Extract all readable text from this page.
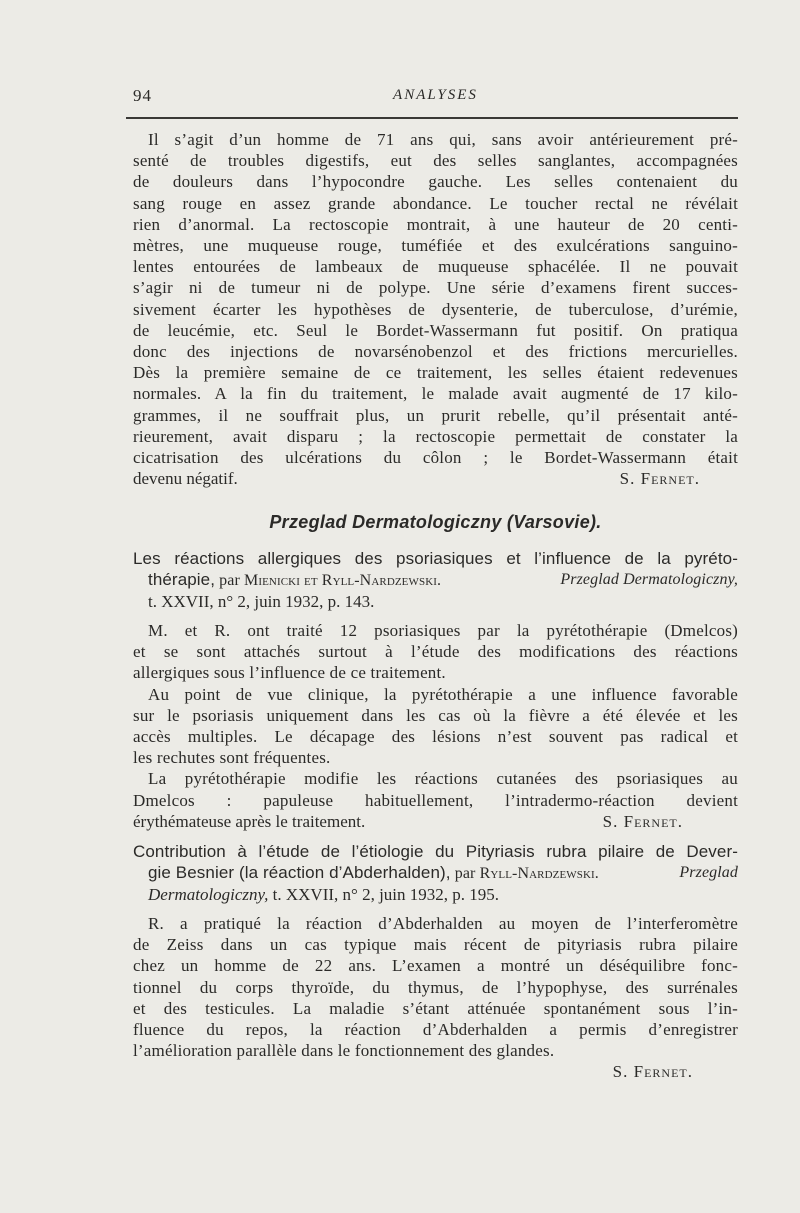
94	ANALYSES
Il s’agit d’un homme de 71 ans qui, sans avoir antérieurement pré-
senté de troubles digestifs, eut des selles sanglantes, accompagnées
de douleurs dans l’hypocondre gauche. Les selles contenaient du
sang rouge en assez grande abondance. Le toucher rectal ne révélait
rien d’anormal. La rectoscopie montrait, à une hauteur de 20 centi-
mètres, une muqueuse rouge, tuméfiée et des exulcérations sanguino-
lentes entourées de lambeaux de muqueuse sphacélée. Il ne pouvait
s’agir ni de tumeur ni de polype. Une série d’examens firent succes-
sivement écarter les hypothèses de dysenterie, de tuberculose, d’urémie,
de leucémie, etc. Seul le Bordet-Wassermann fut positif. On pratiqua
donc des injections de novarsénobenzol et des frictions mercurielles.
Dès la première semaine de ce traitement, les selles étaient redevenues
normales. A la fin du traitement, le malade avait augmenté de 17 kilo-
grammes, il ne souffrait plus, un prurit rebelle, qu’il présentait anté-
rieurement, avait disparu ; la rectoscopie permettait de constater la
cicatrisation des ulcérations du côlon ; le Bordet-Wassermann était
devenu négatif.	S. Fernet.
Przeglad Dermatologiczny (Varsovie).
Les réactions allergiques des psoriasiques et l’influence de la pyréto-
thérapie, par Mienicki et Ryll-Nardzewski.	Przeglad Dermatologiczny,
t. XXVII, n° 2, juin 1932, p. 143.
M. et R. ont traité 12 psoriasiques par la pyrétothérapie (Dmelcos)
et se sont attachés surtout à l’étude des modifications des réactions
allergiques sous l’influence de ce traitement.
Au point de vue clinique, la pyrétothérapie a une influence favorable
sur le psoriasis uniquement dans les cas où la fièvre a été élevée et les
accès multiples. Le décapage des lésions n’est souvent pas radical et
les rechutes sont fréquentes.
La pyrétothérapie modifie les réactions cutanées des psoriasiques au
Dmelcos : papuleuse habituellement, l’intradermo-réaction devient
érythémateuse après le traitement.	S. Fernet.
Contribution à l’étude de l’étiologie du Pityriasis rubra pilaire de Dever-
gie Besnier (la réaction d’Abderhalden), par Ryll-Nardzewski.	Przeglad
Dermatologiczny, t. XXVII, n° 2, juin 1932, p. 195.
R. a pratiqué la réaction d’Abderhalden au moyen de l’interferomètre
de Zeiss dans un cas typique mais récent de pityriasis rubra pilaire
chez un homme de 22 ans. L’examen a montré un déséquilibre fonc-
tionnel du corps thyroïde, du thymus, de l’hypophyse, des surrénales
et des testicules. La maladie s’étant atténuée spontanément sous l’in-
fluence du repos, la réaction d’Abderhalden a permis d’enregistrer
l’amélioration parallèle dans le fonctionnement des glandes.
S. Fernet.
